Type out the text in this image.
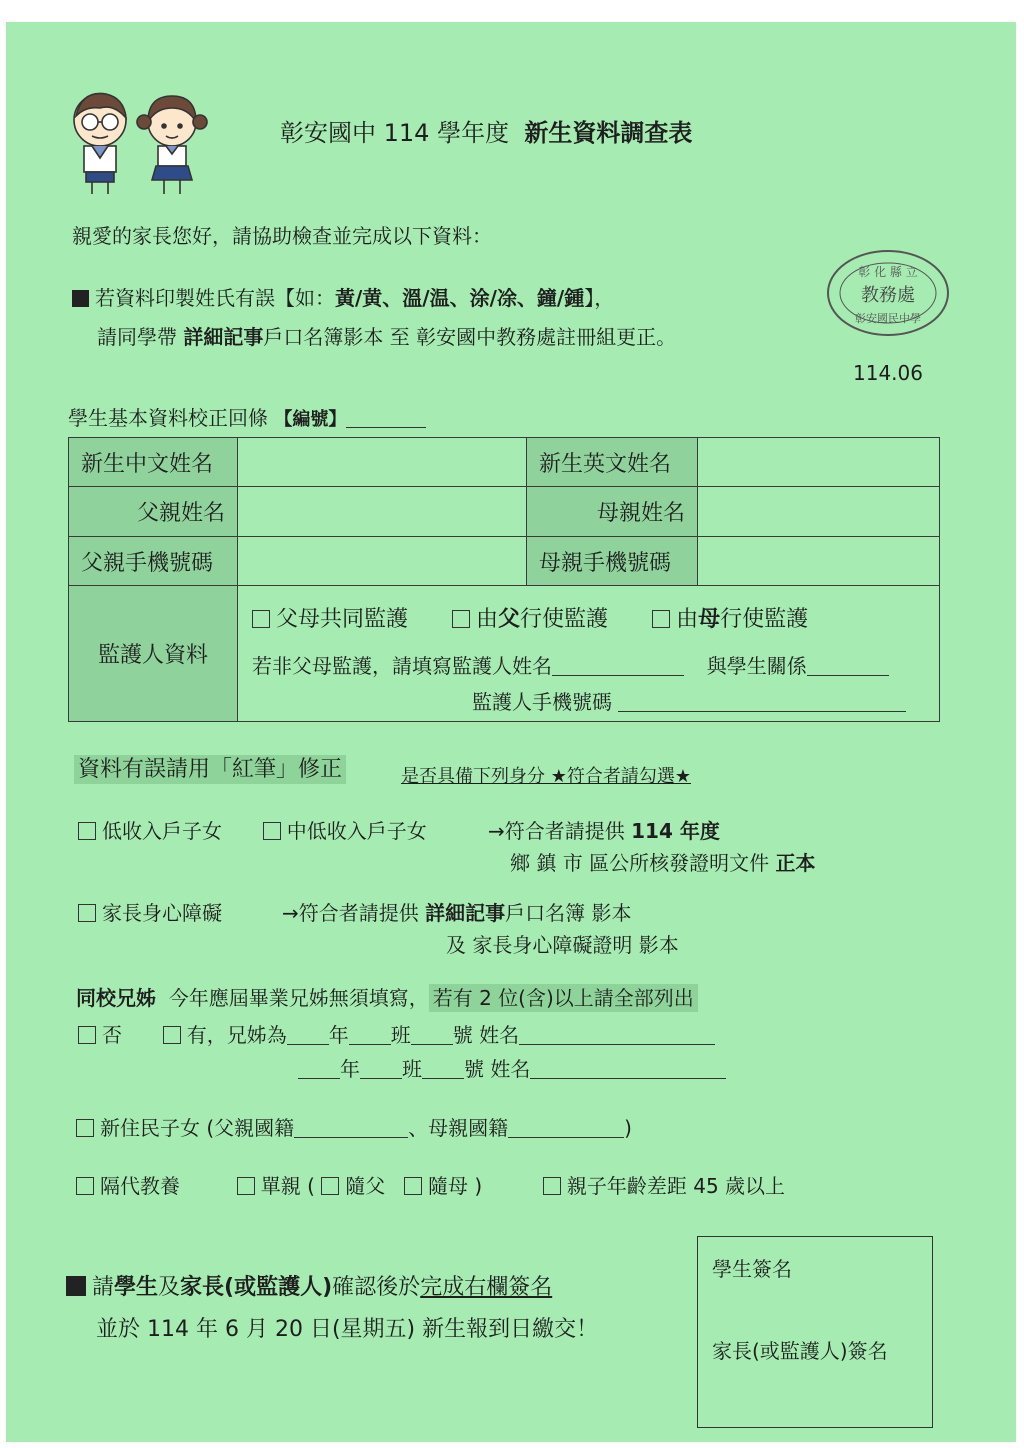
彰安國中 114 學年度 新生資料調查表
親愛的家長您好，請協助檢查並完成以下資料：
若資料印製姓氏有誤【如：黃/黄、溫/温、涂/凃、鐘/鍾】，
請同學帶 詳細記事戶口名簿影本 至 彰安國中教務處註冊組更正。
彰 化 縣 立
教務處
彰安國民中學
114.06
學生基本資料校正回條 【編號】
新生中文姓名		新生英文姓名	
父親姓名		母親姓名	
父親手機號碼		母親手機號碼	
監護人資料	父母共同監護 由父行使監護 由母行使監護
若非父母監護，請填寫監護人姓名 與學生關係
監護人手機號碼		
資料有誤請用「紅筆」修正	是否具備下列身分 ★符合者請勾選★
低收入戶子女	中低收入戶子女	→符合者請提供 114 年度
鄉 鎮 市 區公所核發證明文件 正本
家長身心障礙	→符合者請提供 詳細記事戶口名簿 影本
及 家長身心障礙證明 影本
同校兄姊 今年應屆畢業兄姊無須填寫， 若有 2 位(含)以上請全部列出
否	有，兄姊為 年 班 號 姓名
年 班 號 姓名
新住民子女 (父親國籍	、母親國籍	)
隔代教養	單親 ( 隨父 隨母 )	親子年齡差距 45 歲以上
請學生及家長(或監護人)確認後於完成右欄簽名
並於 114 年 6 月 20 日(星期五) 新生報到日繳交！
學生簽名
家長(或監護人)簽名
